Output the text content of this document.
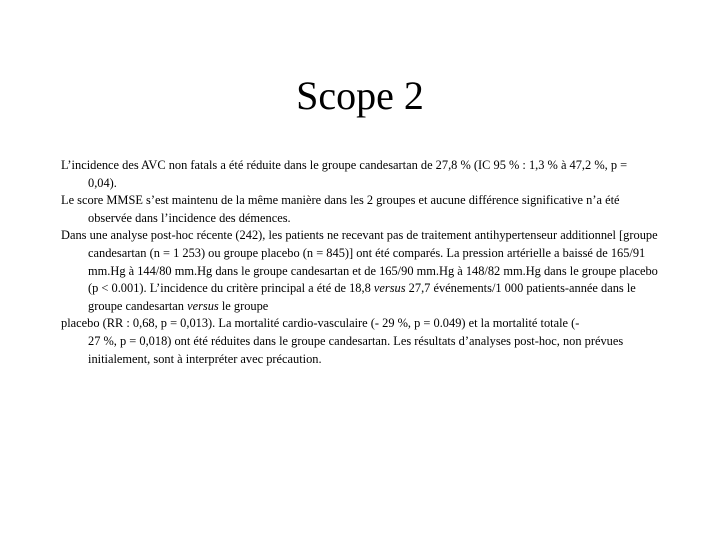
Scope 2

L’incidence des AVC non fatals a été réduite dans le groupe candesartan de 27,8 % (IC 95 % : 1,3 % à 47,2 %, p = 0,04).

Le score MMSE s’est maintenu de la même manière dans les 2 groupes et aucune différence significative n’a été observée dans l’incidence des démences.

Dans une analyse post-hoc récente (242), les patients ne recevant pas de traitement antihypertenseur additionnel [groupe candesartan (n = 1 253) ou groupe placebo (n = 845)] ont été comparés. La pression artérielle a baissé de 165/91 mm.Hg à 144/80 mm.Hg dans le groupe candesartan et de 165/90 mm.Hg à 148/82 mm.Hg dans le groupe placebo (p < 0.001). L’incidence du critère principal a été de 18,8 versus 27,7 événements/1 000 patients-année dans le groupe candesartan versus le groupe

placebo (RR : 0,68, p = 0,013). La mortalité cardio-vasculaire (- 29 %, p = 0.049) et la mortalité totale (-

27 %, p = 0,018) ont été réduites dans le groupe candesartan. Les résultats d’analyses post-hoc, non prévues initialement, sont à interpréter avec précaution.
